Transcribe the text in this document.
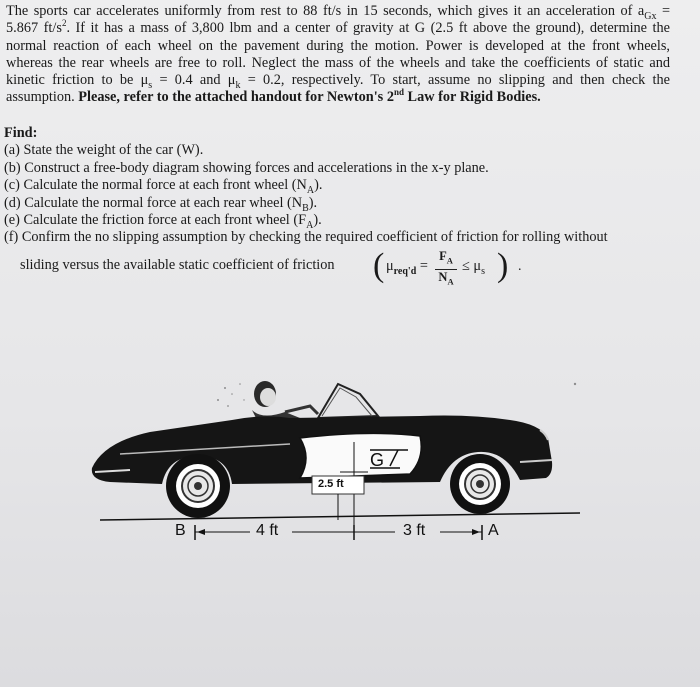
The sports car accelerates uniformly from rest to 88 ft/s in 15 seconds, which gives it an acceleration of $a_{Gx}$ =
5.867 $ft/s^2$. If it has a mass of 3,800 lbm and a center of gravity at G (2.5 ft above the ground), determine the
normal reaction of each wheel on the pavement during the motion. Power is developed at the front wheels,
whereas the rear wheels are free to roll. Neglect the mass of the wheels and take the coefficients of static and
kinetic friction to be $\mu_s = 0.4$ and $\mu_k = 0.2$, respectively. To start, assume no slipping and then check the
assumption. Please, refer to the attached handout for Newton's 2nd Law for Rigid Bodies.
Find:
(a) State the weight of the car (W).
(b) Construct a free-body diagram showing forces and accelerations in the x-y plane.
(c) Calculate the normal force at each front wheel $(N_A)$.
(d) Calculate the normal force at each rear wheel $(N_B)$.
(e) Calculate the friction force at each front wheel $(F_A)$.
(f) Confirm the no slipping assumption by checking the required coefficient of friction for rolling without
sliding versus the available static coefficient of friction ( $\mu_{req'd} = \frac{F_A}{N_A} \le \mu_s$ ) .
B	4 ft	3 ft	A
G
2.5 ft
